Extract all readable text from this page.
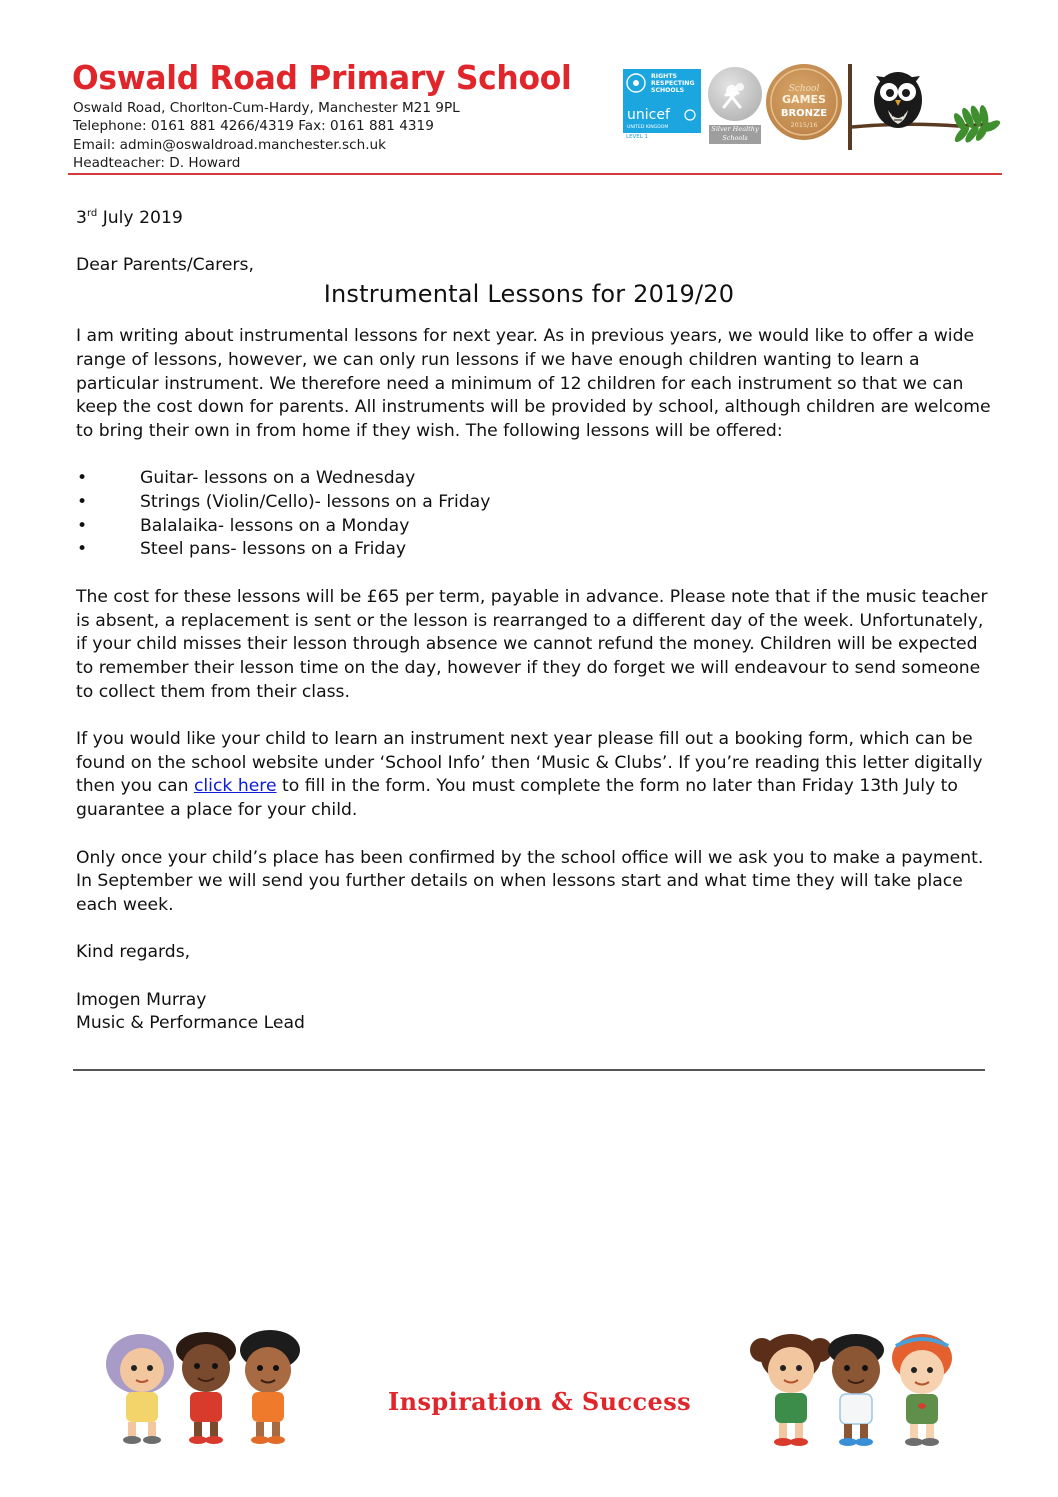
Oswald Road Primary School
Oswald Road, Chorlton-Cum-Hardy, Manchester M21 9PL
Telephone: 0161 881 4266/4319 Fax: 0161 881 4319
Email: admin@oswaldroad.manchester.sch.uk
Headteacher: D. Howard
RIGHTS
RESPECTING
SCHOOLS
unicef
UNITED KINGDOM
LEVEL 1
Silver Healthy Schools
School
GAMES
BRONZE
2015/16

3rd July 2019

Dear Parents/Carers,

Instrumental Lessons for 2019/20

I am writing about instrumental lessons for next year. As in previous years, we would like to offer a wide range of lessons, however, we can only run lessons if we have enough children wanting to learn a particular instrument. We therefore need a minimum of 12 children for each instrument so that we can keep the cost down for parents. All instruments will be provided by school, although children are welcome to bring their own in from home if they wish. The following lessons will be offered:

•	Guitar- lessons on a Wednesday
•	Strings (Violin/Cello)- lessons on a Friday
•	Balalaika- lessons on a Monday
•	Steel pans- lessons on a Friday

The cost for these lessons will be £65 per term, payable in advance. Please note that if the music teacher is absent, a replacement is sent or the lesson is rearranged to a different day of the week. Unfortunately, if your child misses their lesson through absence we cannot refund the money. Children will be expected to remember their lesson time on the day, however if they do forget we will endeavour to send someone to collect them from their class.

If you would like your child to learn an instrument next year please fill out a booking form, which can be found on the school website under ‘School Info’ then ‘Music & Clubs’. If you’re reading this letter digitally then you can click here to fill in the form. You must complete the form no later than Friday 13th July to guarantee a place for your child.

Only once your child’s place has been confirmed by the school office will we ask you to make a payment. In September we will send you further details on when lessons start and what time they will take place each week.

Kind regards,

Imogen Murray

Music & Performance Lead

Inspiration & Success
